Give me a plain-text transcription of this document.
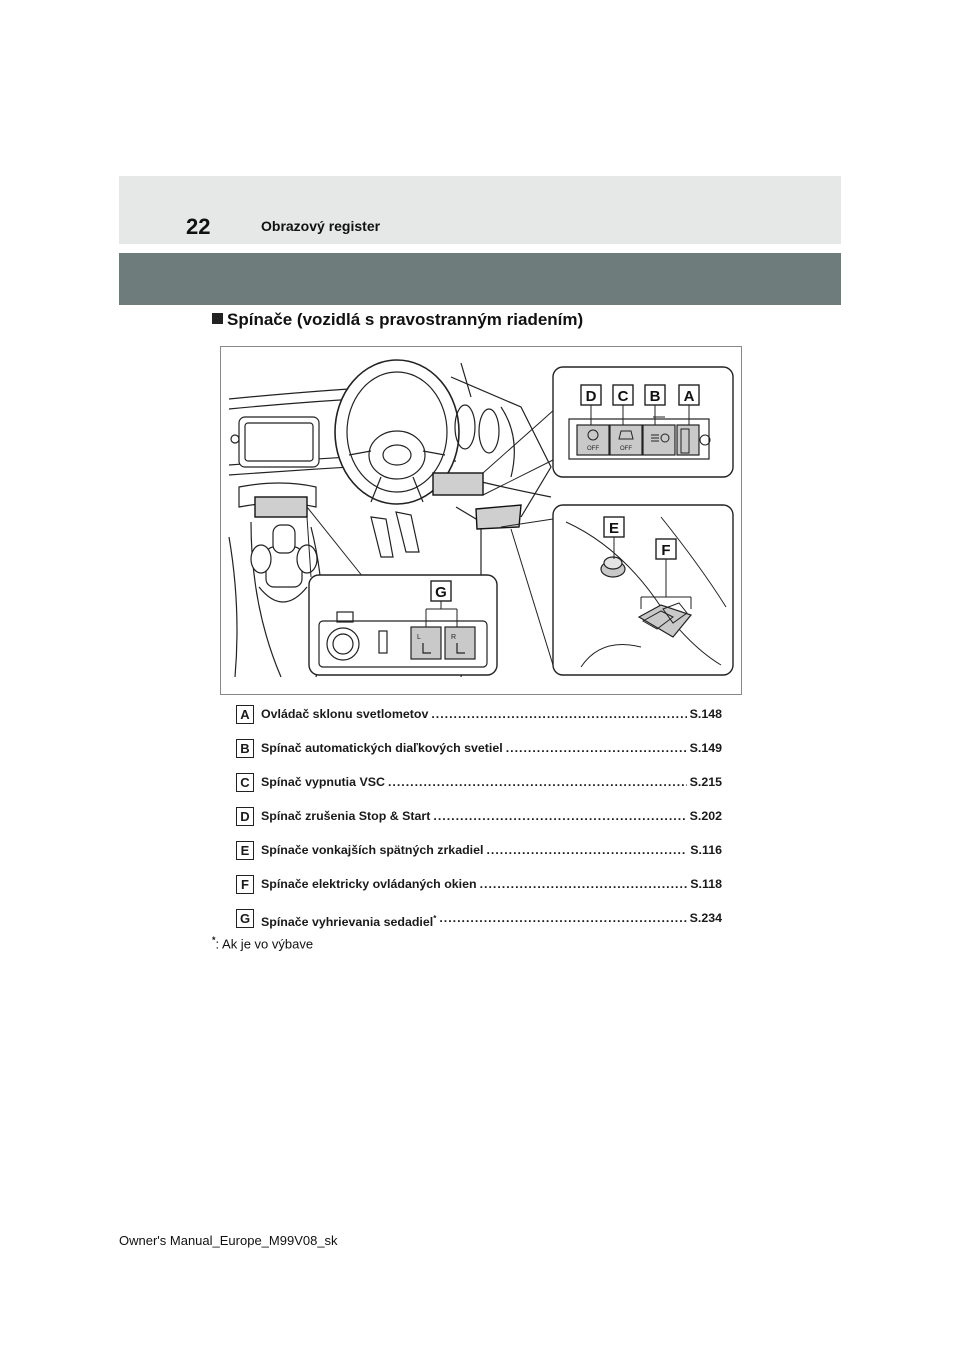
22	Obrazový register
Spínače (vozidlá s pravostranným riadením)
OFF	OFF
D C B A
E
F
L	R
G
A Ovládač sklonu svetlometov .....	S.148
B Spínač automatických diaľkových svetiel .....	S.149
C Spínač vypnutia VSC .....	S.215
D Spínač zrušenia Stop & Start .....	S.202
E Spínače vonkajších spätných zrkadiel .....	S.116
F Spínače elektricky ovládaných okien .....	S.118
G Spínače vyhrievania sedadiel* .....	S.234
*: Ak je vo výbave
Owner's Manual_Europe_M99V08_sk
